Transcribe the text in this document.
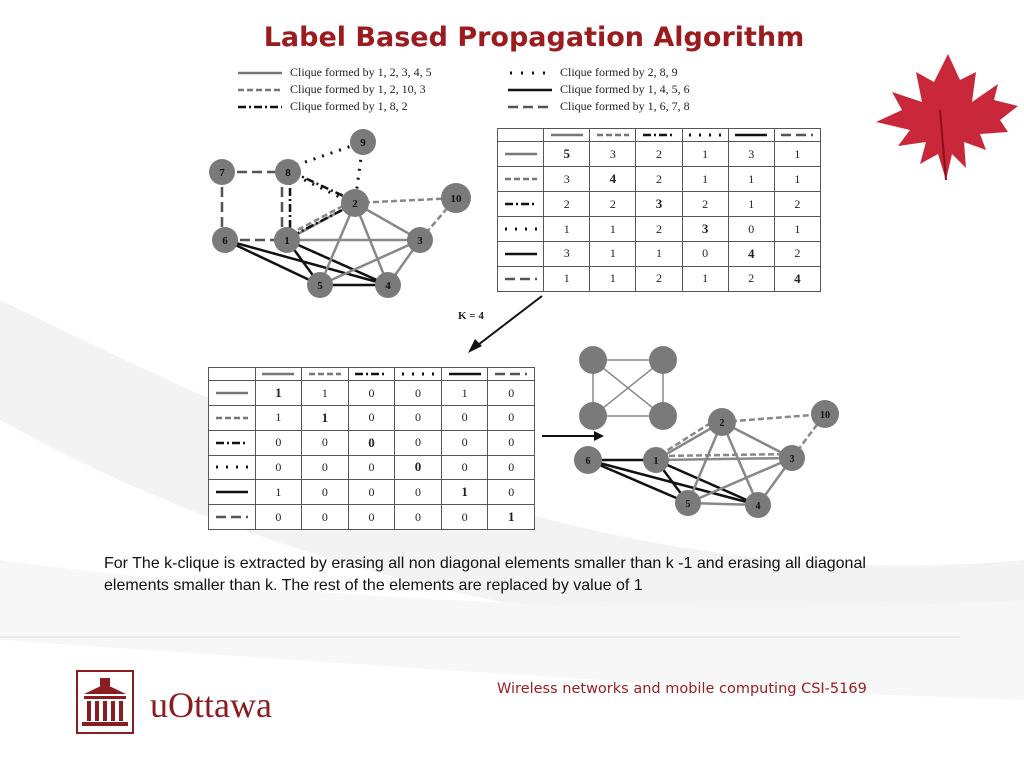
Label Based Propagation Algorithm
Clique formed by 1, 2, 3, 4, 5
Clique formed by 1, 2, 10, 3
Clique formed by 1, 8, 2
Clique formed by 2, 8, 9
Clique formed by 1, 4, 5, 6
Clique formed by 1, 6, 7, 8
1
2
3
4
5
6
7	8
9
10

	5	3	2	1	3	1

	3	4	2	1	1	1

	2	2	3	2	1	2

	1	1	2	3	0	1

	3	1	1	0	4	2

	1	1	2	1	2	4
K = 4

	1	1	0	0	1	0

	1	1	0	0	0	0

	0	0	0	0	0	0

	0	0	0	0	0	0

	1	0	0	0	1	0

	0	0	0	0	0	1
1
2
3
4
5
6
10
For The k-clique is extracted by erasing all non diagonal elements smaller than k -1 and erasing all diagonal elements smaller than k. The rest of the elements are replaced by value of 1
uOttawa	Wireless networks and mobile computing CSI-5169
